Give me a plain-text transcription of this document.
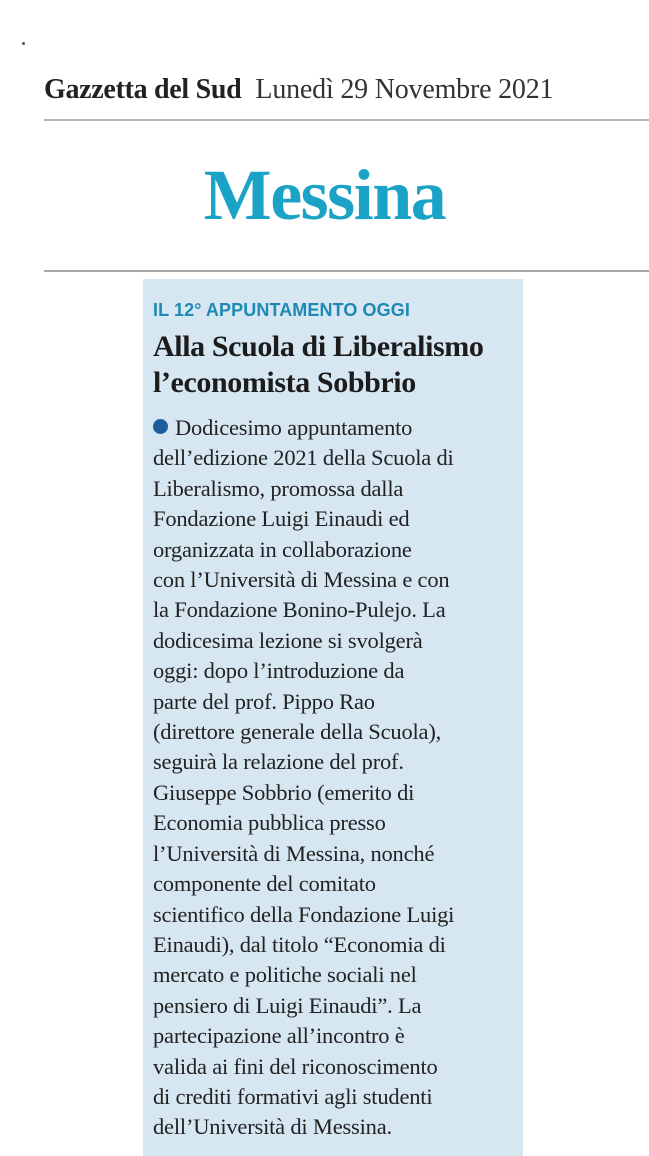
Gazzetta del Sud Lunedì 29 Novembre 2021
Messina
IL 12° APPUNTAMENTO OGGI
Alla Scuola di Liberalismo
l’economista Sobbrio
Dodicesimo appuntamento
dell’edizione 2021 della Scuola di
Liberalismo, promossa dalla
Fondazione Luigi Einaudi ed
organizzata in collaborazione
con l’Università di Messina e con
la Fondazione Bonino-Pulejo. La
dodicesima lezione si svolgerà
oggi: dopo l’introduzione da
parte del prof. Pippo Rao
(direttore generale della Scuola),
seguirà la relazione del prof.
Giuseppe Sobbrio (emerito di
Economia pubblica presso
l’Università di Messina, nonché
componente del comitato
scientifico della Fondazione Luigi
Einaudi), dal titolo “Economia di
mercato e politiche sociali nel
pensiero di Luigi Einaudi”. La
partecipazione all’incontro è
valida ai fini del riconoscimento
di crediti formativi agli studenti
dell’Università di Messina.
